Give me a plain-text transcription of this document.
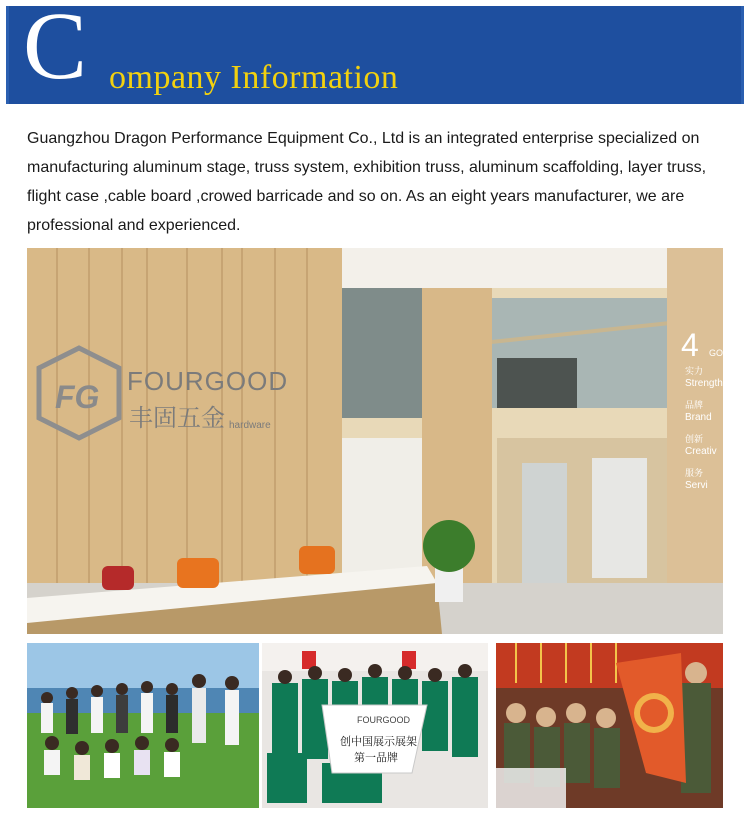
C ompany Information

Guangzhou Dragon Performance Equipment Co., Ltd is an integrated enterprise specialized on manufacturing aluminum stage, truss system, exhibition truss, aluminum scaffolding, layer truss, flight case ,cable board ,crowed barricade and so on. As an eight years manufacturer, we are professional and experienced.

FG FOURGOOD
丰固五金 hardware
4 GO
实力
Strength
品牌
Brand
创新
Creativ
服务
Servi
FOURGOOD
创中国展示展架
第一品牌
